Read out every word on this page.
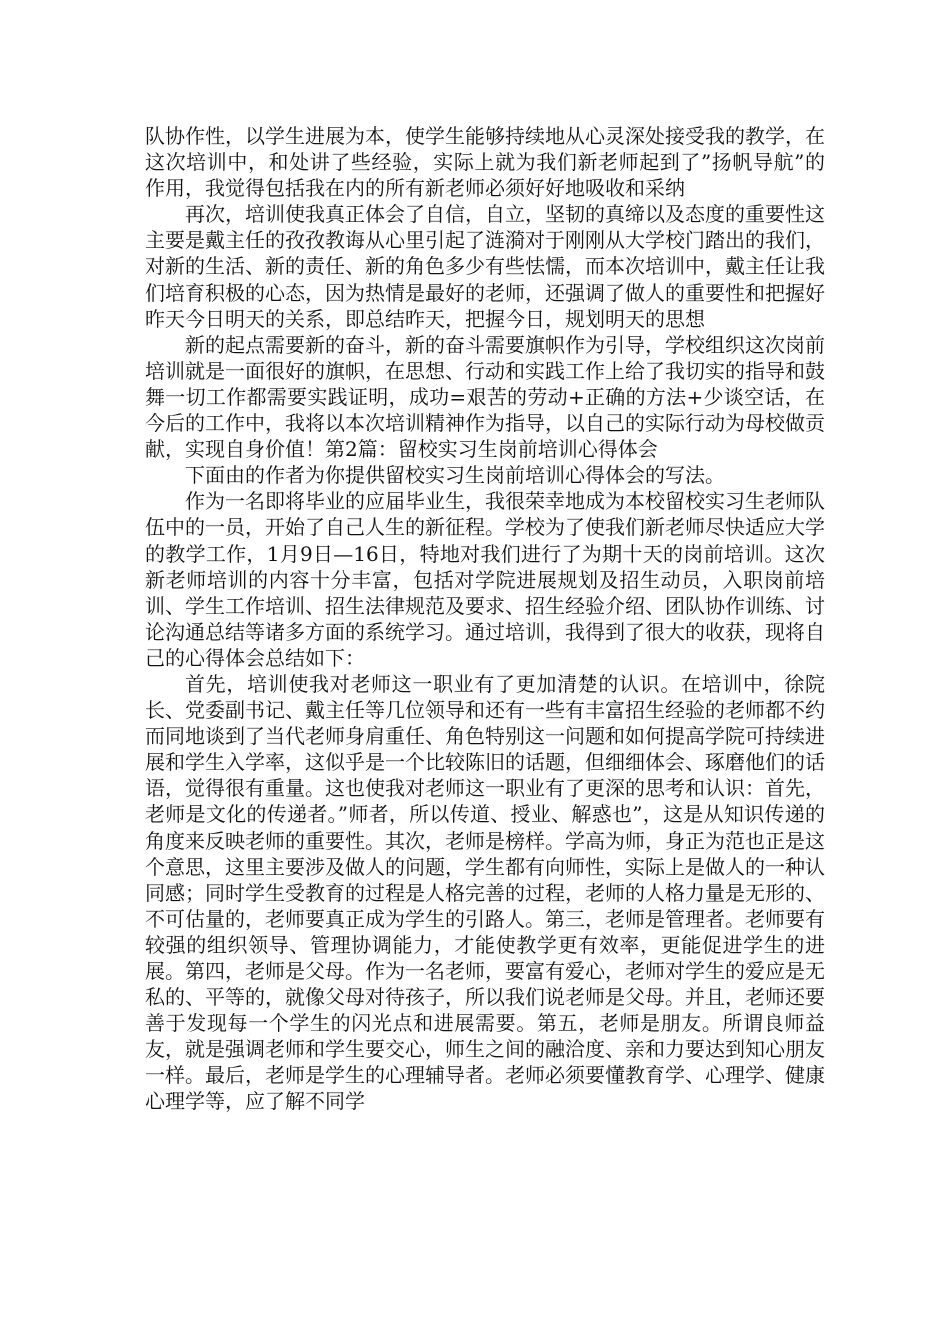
队协作性，以学生进展为本，使学生能够持续地从心灵深处接受我的教学，在这次培训中，和处讲了些经验，实际上就为我们新老师起到了”扬帆导航”的作用，我觉得包括我在内的所有新老师必须好好地吸收和采纳

再次，培训使我真正体会了自信，自立，坚韧的真缔以及态度的重要性这主要是戴主任的孜孜教诲从心里引起了涟漪对于刚刚从大学校门踏出的我们，对新的生活、新的责任、新的角色多少有些怯懦，而本次培训中，戴主任让我们培育积极的心态，因为热情是最好的老师，还强调了做人的重要性和把握好昨天今日明天的关系，即总结昨天，把握今日，规划明天的思想

新的起点需要新的奋斗，新的奋斗需要旗帜作为引导，学校组织这次岗前培训就是一面很好的旗帜，在思想、行动和实践工作上给了我切实的指导和鼓舞一切工作都需要实践证明，成功=艰苦的劳动+正确的方法+少谈空话，在今后的工作中，我将以本次培训精神作为指导，以自己的实际行动为母校做贡献，实现自身价值！第2篇：留校实习生岗前培训心得体会

下面由的作者为你提供留校实习生岗前培训心得体会的写法。

作为一名即将毕业的应届毕业生，我很荣幸地成为本校留校实习生老师队伍中的一员，开始了自己人生的新征程。学校为了使我们新老师尽快适应大学的教学工作，1月9日—16日，特地对我们进行了为期十天的岗前培训。这次新老师培训的内容十分丰富，包括对学院进展规划及招生动员，入职岗前培训、学生工作培训、招生法律规范及要求、招生经验介绍、团队协作训练、讨论沟通总结等诸多方面的系统学习。通过培训，我得到了很大的收获，现将自己的心得体会总结如下：

首先，培训使我对老师这一职业有了更加清楚的认识。在培训中，徐院长、党委副书记、戴主任等几位领导和还有一些有丰富招生经验的老师都不约而同地谈到了当代老师身肩重任、角色特别这一问题和如何提高学院可持续进展和学生入学率，这似乎是一个比较陈旧的话题，但细细体会、琢磨他们的话语，觉得很有重量。这也使我对老师这一职业有了更深的思考和认识：首先，老师是文化的传递者。”师者，所以传道、授业、解惑也”，这是从知识传递的角度来反映老师的重要性。其次，老师是榜样。学高为师，身正为范也正是这个意思，这里主要涉及做人的问题，学生都有向师性，实际上是做人的一种认同感；同时学生受教育的过程是人格完善的过程，老师的人格力量是无形的、不可估量的，老师要真正成为学生的引路人。第三，老师是管理者。老师要有较强的组织领导、管理协调能力，才能使教学更有效率，更能促进学生的进展。第四，老师是父母。作为一名老师，要富有爱心，老师对学生的爱应是无私的、平等的，就像父母对待孩子，所以我们说老师是父母。并且，老师还要善于发现每一个学生的闪光点和进展需要。第五，老师是朋友。所谓良师益友，就是强调老师和学生要交心，师生之间的融洽度、亲和力要达到知心朋友一样。最后，老师是学生的心理辅导者。老师必须要懂教育学、心理学、健康心理学等，应了解不同学
